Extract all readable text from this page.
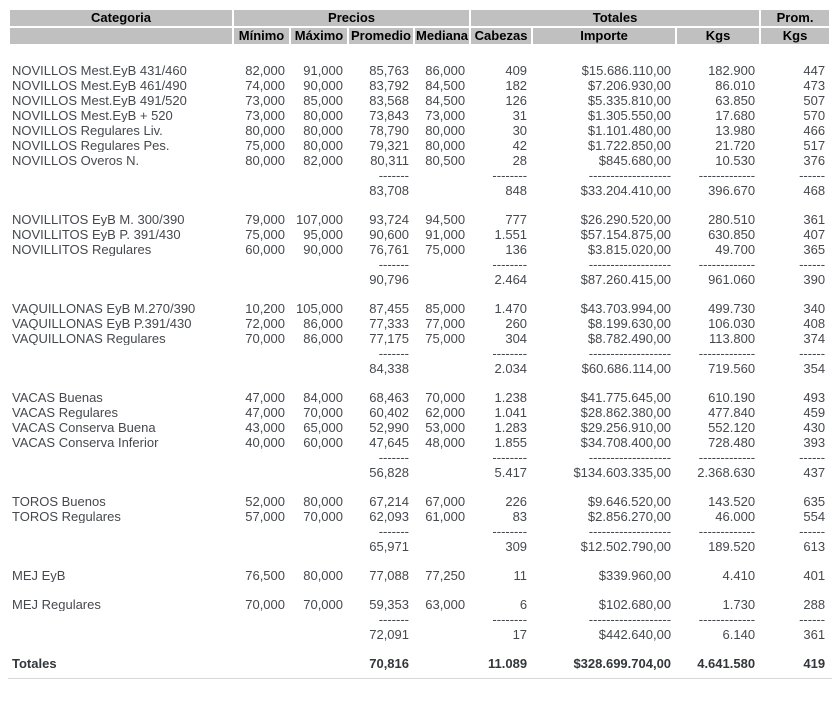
Categoria	Precios				Totales			Prom.
	Mínimo	Máximo	Promedio	Mediana	Cabezas	Importe	Kgs	Kgs

NOVILLOS Mest.EyB 431/460	82,000	91,000	85,763	86,000	409	$15.686.110,00	182.900	447
NOVILLOS Mest.EyB 461/490	74,000	90,000	83,792	84,500	182	$7.206.930,00	86.010	473
NOVILLOS Mest.EyB 491/520	73,000	85,000	83,568	84,500	126	$5.335.810,00	63.850	507
NOVILLOS Mest.EyB + 520	73,000	80,000	73,843	73,000	31	$1.305.550,00	17.680	570
NOVILLOS Regulares Liv.	80,000	80,000	78,790	80,000	30	$1.101.480,00	13.980	466
NOVILLOS Regulares Pes.	75,000	80,000	79,321	80,000	42	$1.722.850,00	21.720	517
NOVILLOS Overos N.	80,000	82,000	80,311	80,500	28	$845.680,00	10.530	376
			-------		--------	-------------------	-------------	------
			83,708		848	$33.204.410,00	396.670	468

NOVILLITOS EyB M. 300/390	79,000	107,000	93,724	94,500	777	$26.290.520,00	280.510	361
NOVILLITOS EyB P. 391/430	75,000	95,000	90,600	91,000	1.551	$57.154.875,00	630.850	407
NOVILLITOS Regulares	60,000	90,000	76,761	75,000	136	$3.815.020,00	49.700	365
			-------		--------	-------------------	-------------	------
			90,796		2.464	$87.260.415,00	961.060	390

VAQUILLONAS EyB M.270/390	10,200	105,000	87,455	85,000	1.470	$43.703.994,00	499.730	340
VAQUILLONAS EyB P.391/430	72,000	86,000	77,333	77,000	260	$8.199.630,00	106.030	408
VAQUILLONAS Regulares	70,000	86,000	77,175	75,000	304	$8.782.490,00	113.800	374
			-------		--------	-------------------	-------------	------
			84,338		2.034	$60.686.114,00	719.560	354

VACAS Buenas	47,000	84,000	68,463	70,000	1.238	$41.775.645,00	610.190	493
VACAS Regulares	47,000	70,000	60,402	62,000	1.041	$28.862.380,00	477.840	459
VACAS Conserva Buena	43,000	65,000	52,990	53,000	1.283	$29.256.910,00	552.120	430
VACAS Conserva Inferior	40,000	60,000	47,645	48,000	1.855	$34.708.400,00	728.480	393
			-------		--------	-------------------	-------------	------
			56,828		5.417	$134.603.335,00	2.368.630	437

TOROS Buenos	52,000	80,000	67,214	67,000	226	$9.646.520,00	143.520	635
TOROS Regulares	57,000	70,000	62,093	61,000	83	$2.856.270,00	46.000	554
			-------		--------	-------------------	-------------	------
			65,971		309	$12.502.790,00	189.520	613

MEJ EyB	76,500	80,000	77,088	77,250	11	$339.960,00	4.410	401

MEJ Regulares	70,000	70,000	59,353	63,000	6	$102.680,00	1.730	288
			-------		--------	-------------------	-------------	------
			72,091		17	$442.640,00	6.140	361

Totales			70,816		11.089	$328.699.704,00	4.641.580	419
